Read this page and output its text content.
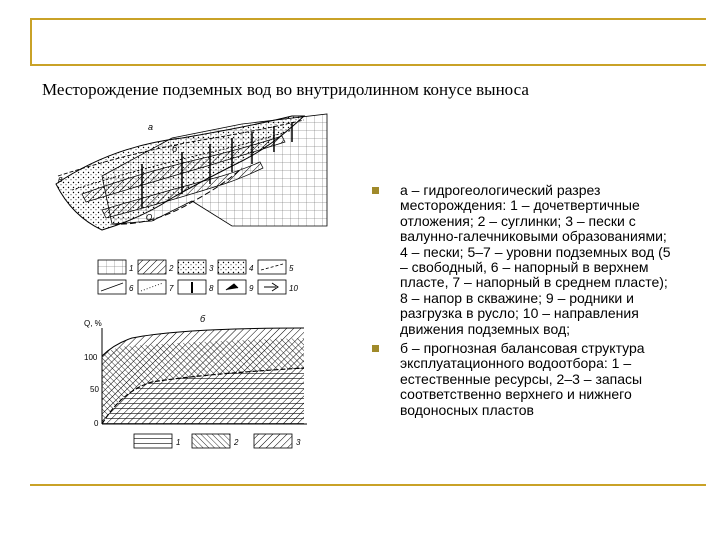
Месторождение подземных вод во внутридолинном конусе выноса
а
б
в
Q₁
1	2	3	4	5
6	7	8	9	10
б
Q, %
100
50
0
1	2	3
а – гидрогеологический разрез месторождения: 1 – дочетвертичные отложения; 2 – суглинки; 3 – пески с валунно-галечниковыми образованиями; 4 – пески; 5–7 – уровни подземных вод (5 – свободный, 6 – напорный в верхнем пласте, 7 – напорный в среднем пласте); 8 – напор в скважине; 9 – родники и разгрузка в русло; 10 – направления движения подземных вод;
б – прогнозная балансовая структура эксплуатационного водоотбора: 1 – естественные ресурсы, 2–3 – запасы соответственно верхнего и нижнего водоносных пластов
